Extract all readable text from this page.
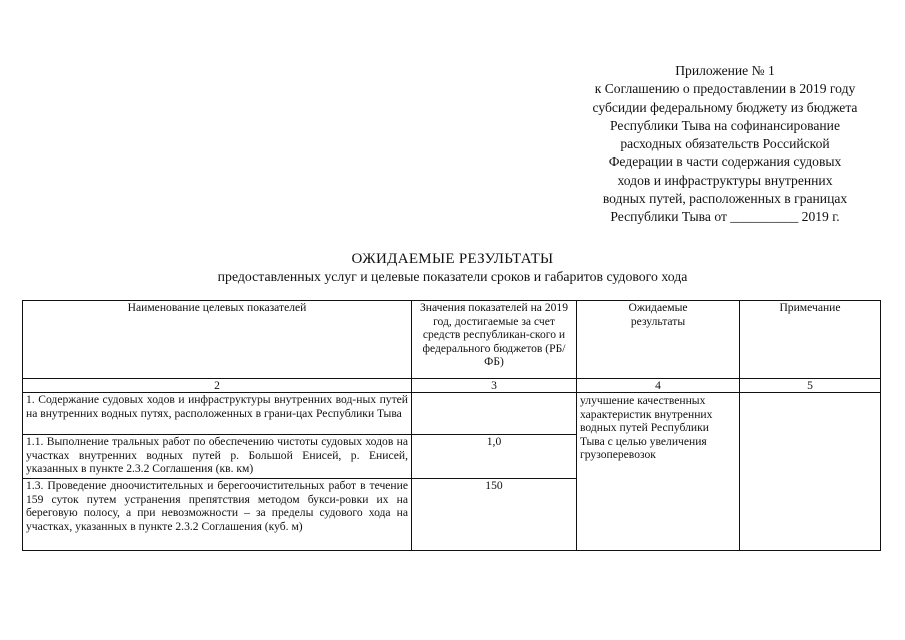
Приложение № 1
к Соглашению о предоставлении в 2019 году
субсидии федеральному бюджету из бюджета
Республики Тыва на софинансирование
расходных обязательств Российской
Федерации в части содержания судовых
ходов и инфраструктуры внутренних
водных путей, расположенных в границах
Республики Тыва от __________ 2019 г.
ОЖИДАЕМЫЕ РЕЗУЛЬТАТЫ
предоставленных услуг и целевые показатели сроков и габаритов судового хода
Наименование целевых показателей	Значения показателей на 2019 год, достигаемые за счет средств республикан-ского и федерального бюджетов (РБ/ФБ)	Ожидаемые результаты	Примечание
2	3	4	5
1. Содержание судовых ходов и инфраструктуры внутренних вод-ных путей на внутренних водных путях, расположенных в грани-цах Республики Тыва		улучшение качественных характеристик внутренних водных путей Республики Тыва с целью увеличения грузоперевозок	
1.1. Выполнение тральных работ по обеспечению чистоты судовых ходов на участках внутренних водных путей р. Большой Енисей, р. Енисей, указанных в пункте 2.3.2 Соглашения (кв. км)	1,0		
1.3. Проведение дноочистительных и берегоочистительных работ в течение 159 суток путем устранения препятствия методом букси-ровки их на береговую полосу, а при невозможности – за пределы судового хода на участках, указанных в пункте 2.3.2 Соглашения (куб. м)	150		
